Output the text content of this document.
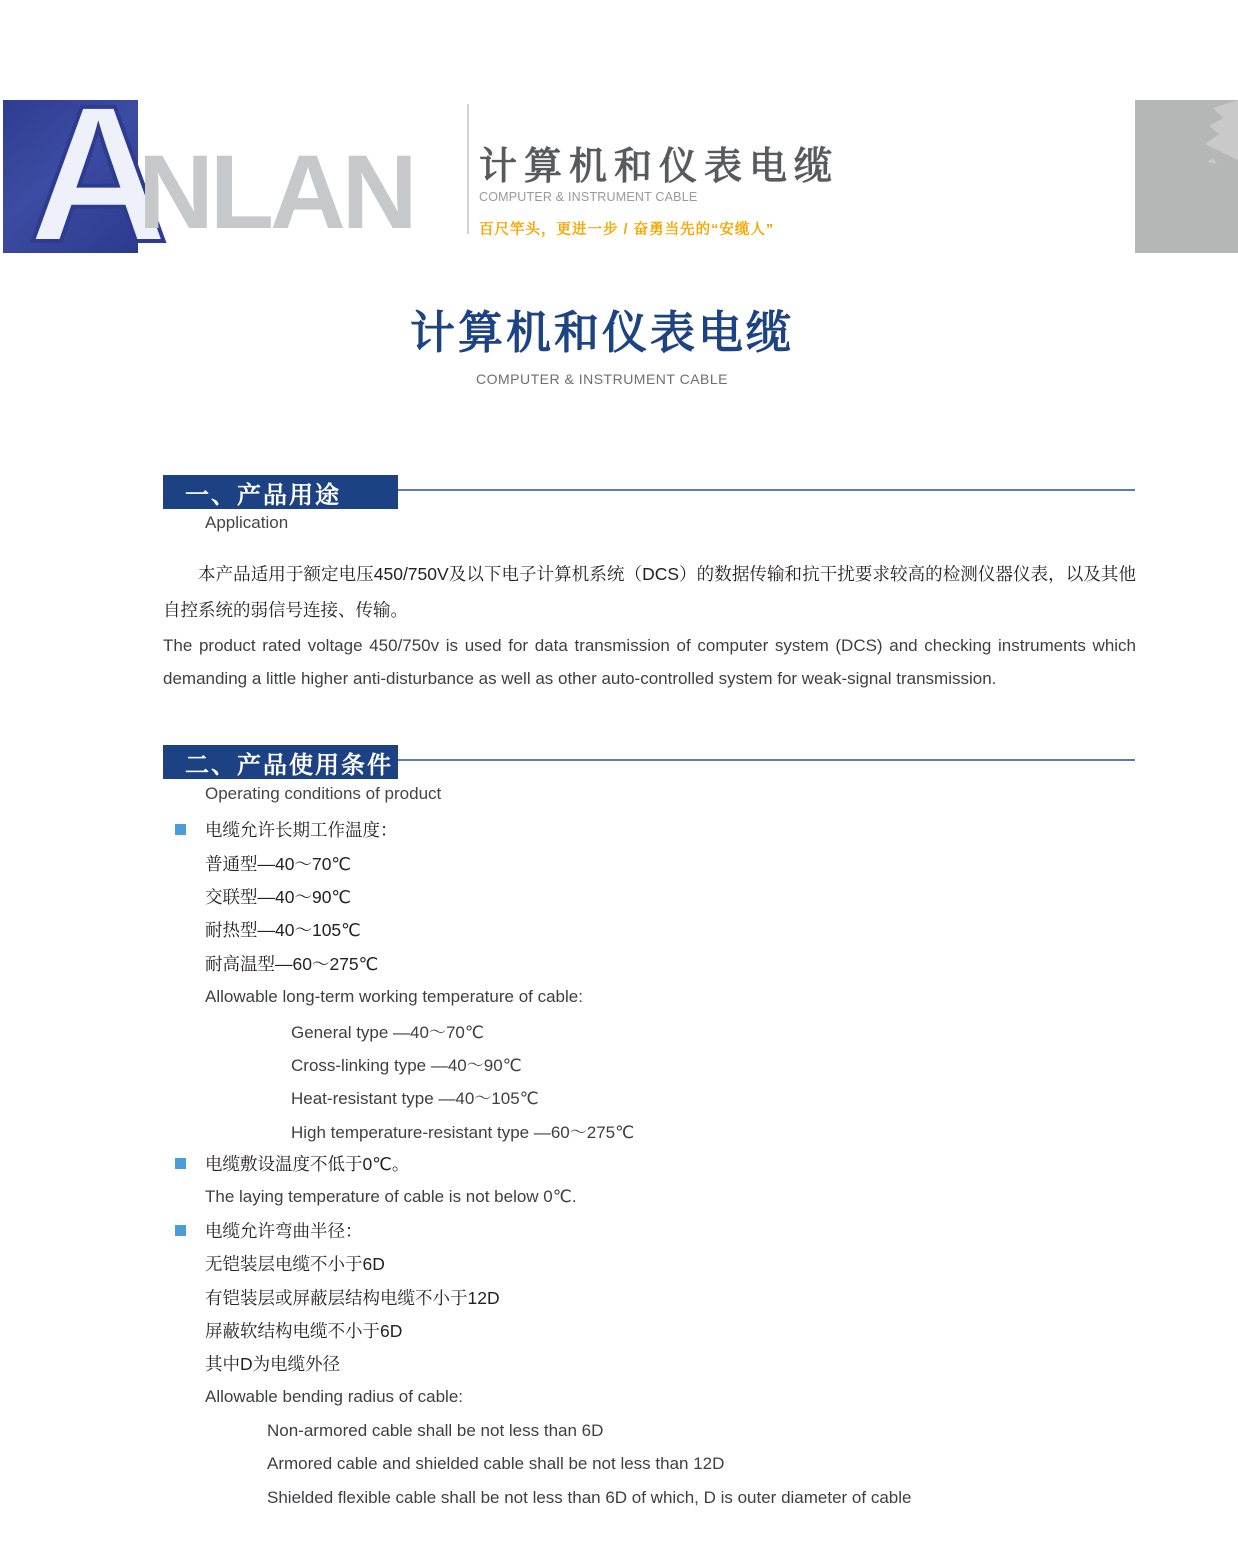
A
NLAN 计算机和仪表电缆
COMPUTER & INSTRUMENT CABLE
百尺竿头，更进一步 / 奋勇当先的“安缆人”
计算机和仪表电缆
COMPUTER & INSTRUMENT CABLE
一、产品用途
Application
本产品适用于额定电压450/750V及以下电子计算机系统（DCS）的数据传输和抗干扰要求较高的检测仪器仪表，以及其他自控系统的弱信号连接、传输。
The product rated voltage 450/750v is used for data transmission of computer system (DCS) and checking instruments which demanding a little higher anti-disturbance as well as other auto-controlled system for weak-signal transmission.
二、产品使用条件
Operating conditions of product
电缆允许长期工作温度：
普通型—40～70℃
交联型—40～90℃
耐热型—40～105℃
耐高温型—60～275℃
Allowable long-term working temperature of cable:
General type —40～70℃
Cross-linking type —40～90℃
Heat-resistant type —40～105℃
High temperature-resistant type —60～275℃
电缆敷设温度不低于0℃。
The laying temperature of cable is not below 0℃.
电缆允许弯曲半径：
无铠装层电缆不小于6D
有铠装层或屏蔽层结构电缆不小于12D
屏蔽软结构电缆不小于6D
其中D为电缆外径
Allowable bending radius of cable:
Non-armored cable shall be not less than 6D
Armored cable and shielded cable shall be not less than 12D
Shielded flexible cable shall be not less than 6D of which, D is outer diameter of cable
